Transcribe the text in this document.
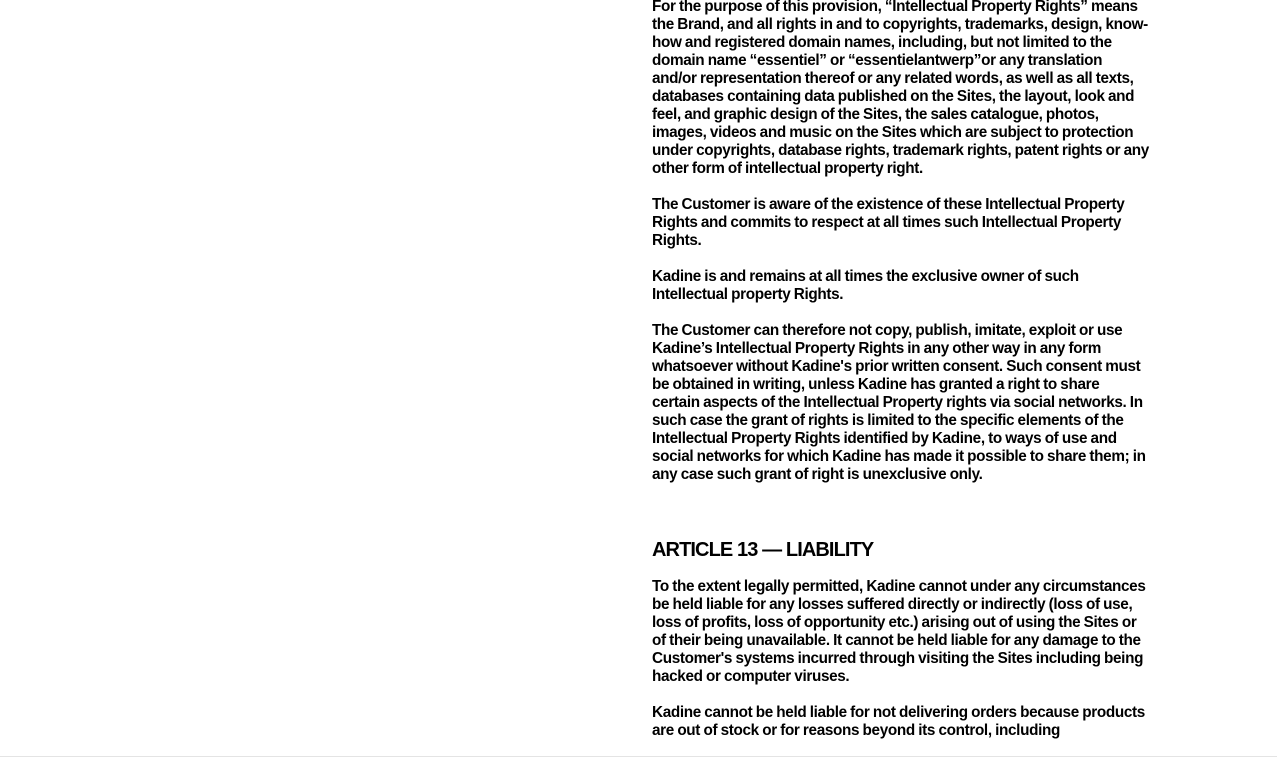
For the purpose of this provision, “Intellectual Property Rights” means the Brand, and all rights in and to copyrights, trademarks, design, know-how and registered domain names, including, but not limited to the domain name “essentiel” or “essentielantwerp”or any translation and/or representation thereof or any related words, as well as all texts, databases containing data published on the Sites, the layout, look and feel, and graphic design of the Sites, the sales catalogue, photos, images, videos and music on the Sites which are subject to protection under copyrights, database rights, trademark rights, patent rights or any other form of intellectual property right.

The Customer is aware of the existence of these Intellectual Property Rights and commits to respect at all times such Intellectual Property Rights.

Kadine is and remains at all times the exclusive owner of such Intellectual property Rights.

The Customer can therefore not copy, publish, imitate, exploit or use Kadine’s Intellectual Property Rights in any other way in any form whatsoever without Kadine's prior written consent. Such consent must be obtained in writing, unless Kadine has granted a right to share certain aspects of the Intellectual Property rights via social networks. In such case the grant of rights is limited to the specific elements of the Intellectual Property Rights identified by Kadine, to ways of use and social networks for which Kadine has made it possible to share them; in any case such grant of right is unexclusive only.

ARTICLE 13 — LIABILITY

To the extent legally permitted, Kadine cannot under any circumstances be held liable for any losses suffered directly or indirectly (loss of use, loss of profits, loss of opportunity etc.) arising out of using the Sites or of their being unavailable. It cannot be held liable for any damage to the Customer's systems incurred through visiting the Sites including being hacked or computer viruses.

Kadine cannot be held liable for not delivering orders because products are out of stock or for reasons beyond its control, including
